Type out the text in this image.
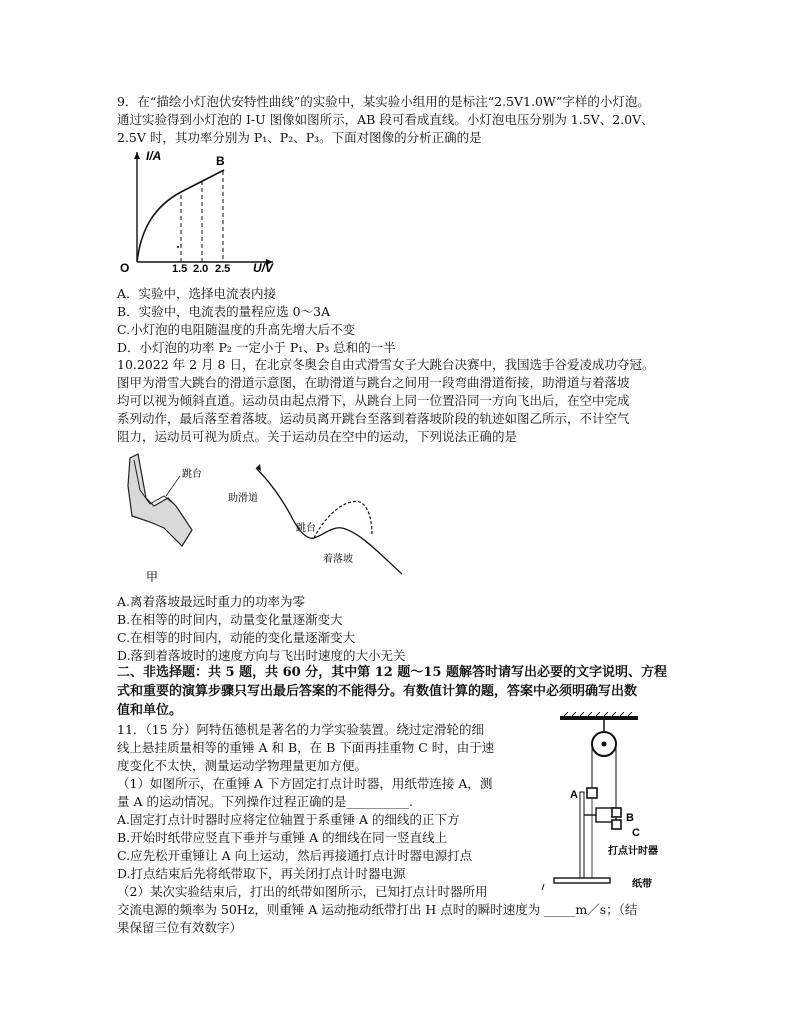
9．在“描绘小灯泡伏安特性曲线”的实验中，某实验小组用的是标注“2.5V1.0W”字样的小灯泡。
通过实验得到小灯泡的 I-U 图像如图所示，AB 段可看成直线。小灯泡电压分别为 1.5V、2.0V、
2.5V 时，其功率分别为 P₁、P₂、P₃。下面对图像的分析正确的是
I/A
U/V
O
B
1.5 2.0 2.5
A．实验中，选择电流表内接
B．实验中，电流表的量程应选 0～3A
C.小灯泡的电阻随温度的升高先增大后不变
D．小灯泡的功率 P₂ 一定小于 P₁、P₃ 总和的一半
10.2022 年 2 月 8 日，在北京冬奥会自由式滑雪女子大跳台决赛中，我国选手谷爱凌成功夺冠。
图甲为滑雪大跳台的滑道示意图，在助滑道与跳台之间用一段弯曲滑道衔接，助滑道与着落坡
均可以视为倾斜直道。运动员由起点滑下，从跳台上同一位置沿同一方向飞出后，在空中完成
系列动作，最后落至着落坡。运动员离开跳台至落到着落坡阶段的轨迹如图乙所示，不计空气
阻力，运动员可视为质点。关于运动员在空中的运动，下列说法正确的是
跳台
甲
助滑道
跳台
着落坡
A.离着落坡最远时重力的功率为零
B.在相等的时间内，动量变化量逐渐变大
C.在相等的时间内，动能的变化量逐渐变大
D.落到着落坡时的速度方向与飞出时速度的大小无关
二、非选择题：共 5 题，共 60 分，其中第 12 题～15 题解答时请写出必要的文字说明、方程
式和重要的演算步骤只写出最后答案的不能得分。有数值计算的题，答案中必须明确写出数
值和单位。
11．（15 分）阿特伍德机是著名的力学实验装置。绕过定滑轮的细
线上悬挂质量相等的重锤 A 和 B，在 B 下面再挂重物 C 时，由于速
度变化不太快，测量运动学物理量更加方便。
（1）如图所示，在重锤 A 下方固定打点计时器，用纸带连接 A，测
量 A 的运动情况。下列操作过程正确的是__________.
A.固定打点计时器时应将定位轴置于系重锤 A 的细线的正下方
B.开始时纸带应竖直下垂并与重锤 A 的细线在同一竖直线上
C.应先松开重锤让 A 向上运动，然后再接通打点计时器电源打点
D.打点结束后先将纸带取下，再关闭打点计时器电源
（2）某次实验结束后，打出的纸带如图所示，已知打点计时器所用
交流电源的频率为 50Hz，则重锤 A 运动拖动纸带打出 H 点时的瞬时速度为 _____m／s；（结
果保留三位有效数字）
A
B
C
打点计时器
纸带
